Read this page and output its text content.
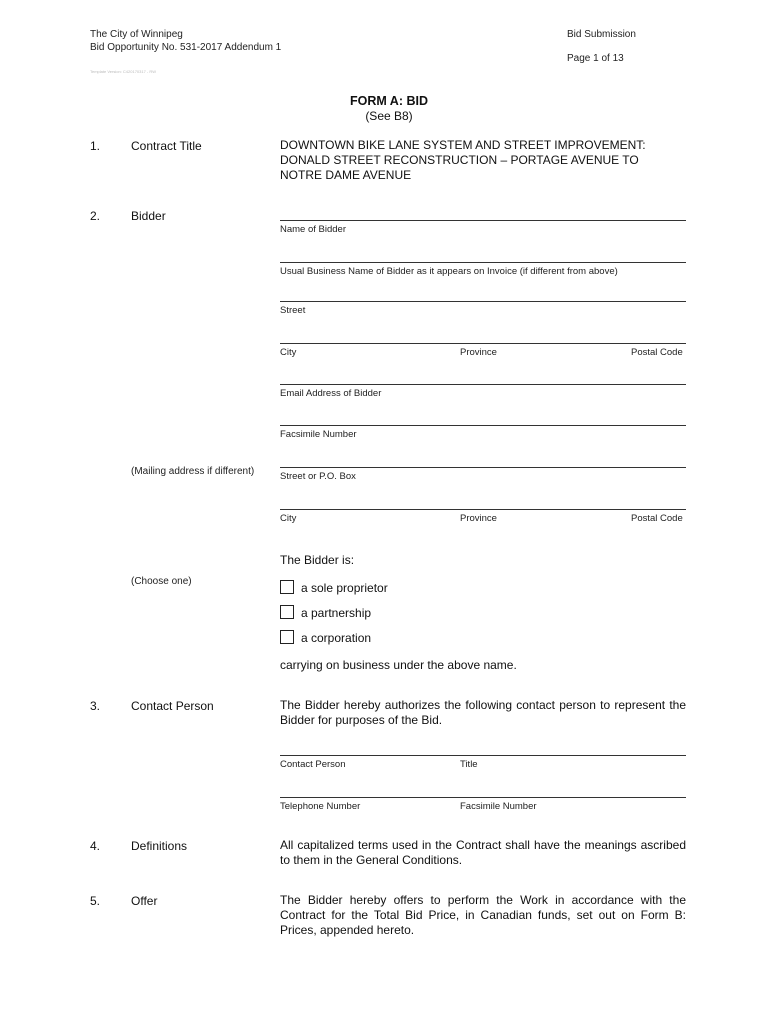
The City of Winnipeg
Bid Opportunity No. 531-2017 Addendum 1
Template Version: C420170317 - RW
Bid Submission
Page 1 of 13
FORM A: BID
(See B8)
1.	Contract Title	DOWNTOWN BIKE LANE SYSTEM AND STREET IMPROVEMENT:
DONALD STREET RECONSTRUCTION – PORTAGE AVENUE TO
NOTRE DAME AVENUE
2.	Bidder
Name of Bidder
Usual Business Name of Bidder as it appears on Invoice (if different from above)
Street
City	Province	Postal Code
Email Address of Bidder
Facsimile Number
(Mailing address if different)	Street or P.O. Box
City	Province	Postal Code
The Bidder is:
(Choose one)	a sole proprietor
a partnership
a corporation
carrying on business under the above name.
3.	Contact Person	The Bidder hereby authorizes the following contact person to represent the Bidder for purposes of the Bid.
Contact Person	Title
Telephone Number	Facsimile Number
4.	Definitions	All capitalized terms used in the Contract shall have the meanings ascribed to them in the General Conditions.
5.	Offer	The Bidder hereby offers to perform the Work in accordance with the Contract for the Total Bid Price, in Canadian funds, set out on Form B: Prices, appended hereto.
